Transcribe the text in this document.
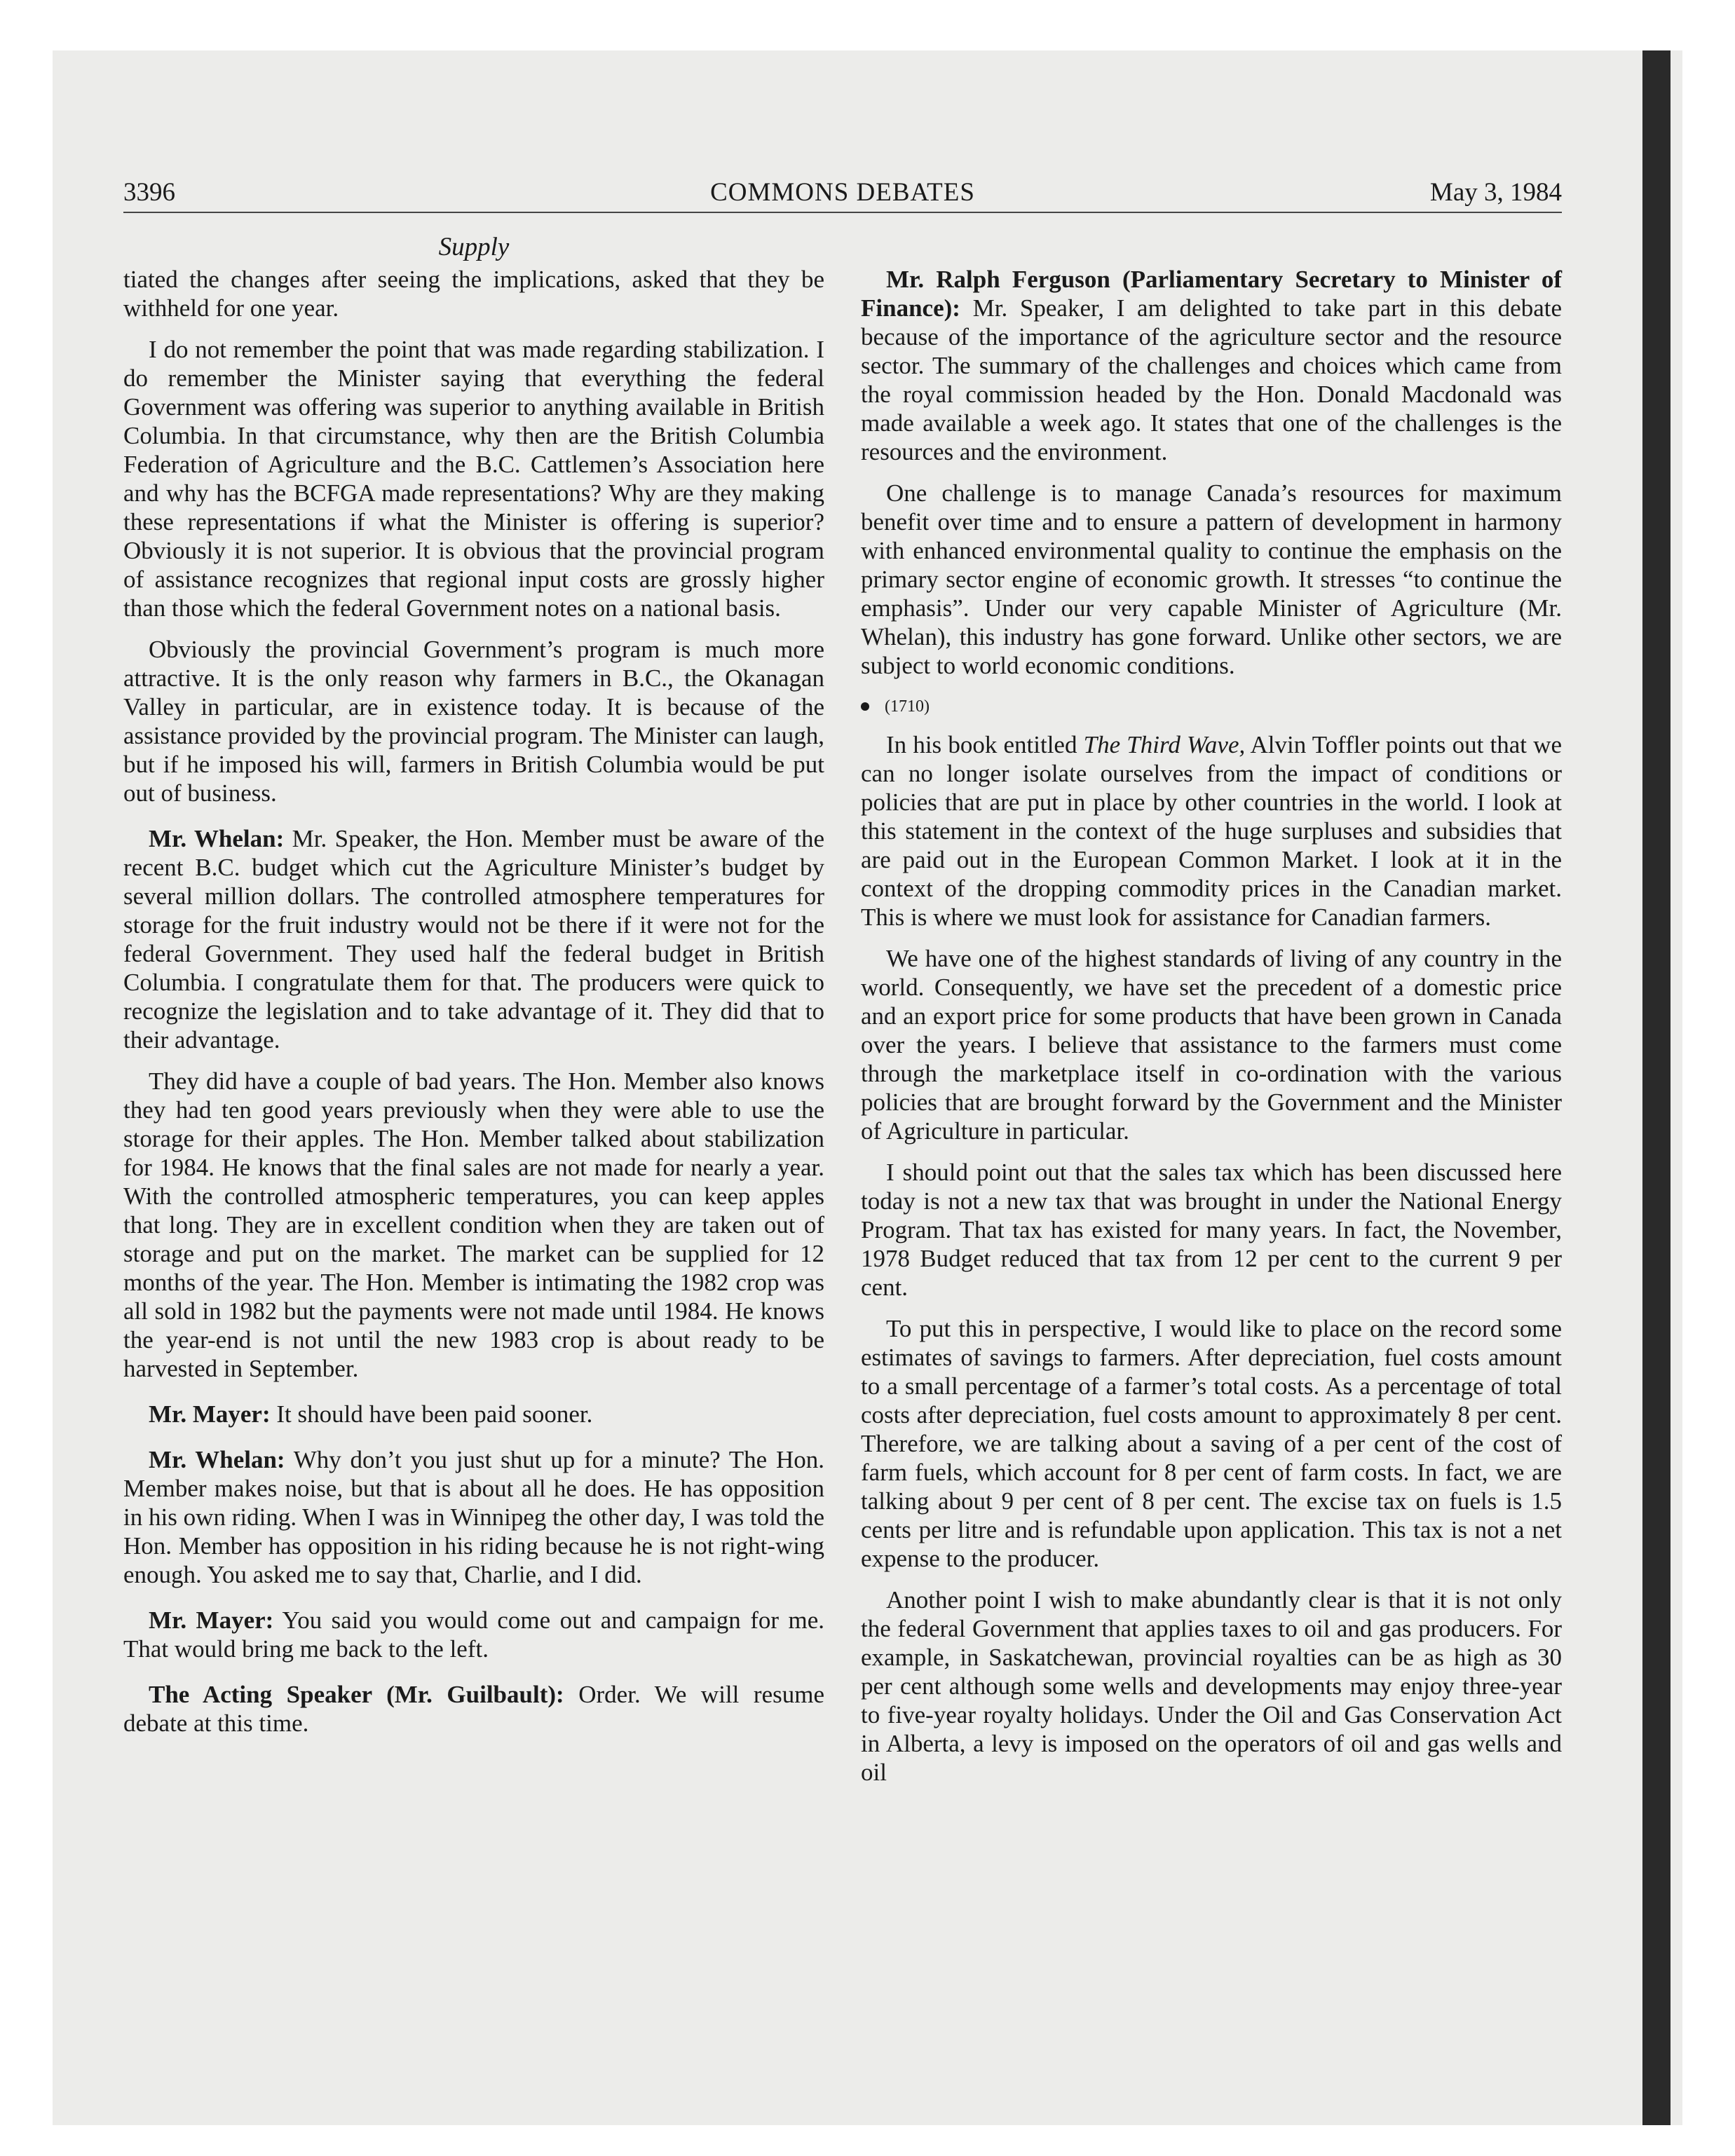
3396	COMMONS DEBATES	May 3, 1984
Supply

tiated the changes after seeing the implications, asked that they be withheld for one year.

I do not remember the point that was made regarding stabilization. I do remember the Minister saying that everything the federal Government was offering was superior to anything available in British Columbia. In that circumstance, why then are the British Columbia Federation of Agriculture and the B.C. Cattlemen’s Association here and why has the BCFGA made representations? Why are they making these representations if what the Minister is offering is superior? Obviously it is not superior. It is obvious that the provincial program of assistance recognizes that regional input costs are grossly higher than those which the federal Government notes on a national basis.

Obviously the provincial Government’s program is much more attractive. It is the only reason why farmers in B.C., the Okanagan Valley in particular, are in existence today. It is because of the assistance provided by the provincial program. The Minister can laugh, but if he imposed his will, farmers in British Columbia would be put out of business.

Mr. Whelan: Mr. Speaker, the Hon. Member must be aware of the recent B.C. budget which cut the Agriculture Minister’s budget by several million dollars. The controlled atmosphere temperatures for storage for the fruit industry would not be there if it were not for the federal Government. They used half the federal budget in British Columbia. I congratulate them for that. The producers were quick to recognize the legislation and to take advantage of it. They did that to their advantage.

They did have a couple of bad years. The Hon. Member also knows they had ten good years previously when they were able to use the storage for their apples. The Hon. Member talked about stabilization for 1984. He knows that the final sales are not made for nearly a year. With the controlled atmospheric temperatures, you can keep apples that long. They are in excellent condition when they are taken out of storage and put on the market. The market can be supplied for 12 months of the year. The Hon. Member is intimating the 1982 crop was all sold in 1982 but the payments were not made until 1984. He knows the year-end is not until the new 1983 crop is about ready to be harvested in September.

Mr. Mayer: It should have been paid sooner.

Mr. Whelan: Why don’t you just shut up for a minute? The Hon. Member makes noise, but that is about all he does. He has opposition in his own riding. When I was in Winnipeg the other day, I was told the Hon. Member has opposition in his riding because he is not right-wing enough. You asked me to say that, Charlie, and I did.

Mr. Mayer: You said you would come out and campaign for me. That would bring me back to the left.

The Acting Speaker (Mr. Guilbault): Order. We will resume debate at this time.

Mr. Ralph Ferguson (Parliamentary Secretary to Minister of Finance): Mr. Speaker, I am delighted to take part in this debate because of the importance of the agriculture sector and the resource sector. The summary of the challenges and choices which came from the royal commission headed by the Hon. Donald Macdonald was made available a week ago. It states that one of the challenges is the resources and the environment.

One challenge is to manage Canada’s resources for maximum benefit over time and to ensure a pattern of development in harmony with enhanced environmental quality to continue the emphasis on the primary sector engine of economic growth. It stresses “to continue the emphasis”. Under our very capable Minister of Agriculture (Mr. Whelan), this industry has gone forward. Unlike other sectors, we are subject to world economic conditions.

(1710)

In his book entitled The Third Wave, Alvin Toffler points out that we can no longer isolate ourselves from the impact of conditions or policies that are put in place by other countries in the world. I look at this statement in the context of the huge surpluses and subsidies that are paid out in the European Common Market. I look at it in the context of the dropping commodity prices in the Canadian market. This is where we must look for assistance for Canadian farmers.

We have one of the highest standards of living of any country in the world. Consequently, we have set the precedent of a domestic price and an export price for some products that have been grown in Canada over the years. I believe that assistance to the farmers must come through the marketplace itself in co-ordination with the various policies that are brought forward by the Government and the Minister of Agriculture in particular.

I should point out that the sales tax which has been discussed here today is not a new tax that was brought in under the National Energy Program. That tax has existed for many years. In fact, the November, 1978 Budget reduced that tax from 12 per cent to the current 9 per cent.

To put this in perspective, I would like to place on the record some estimates of savings to farmers. After depreciation, fuel costs amount to a small percentage of a farmer’s total costs. As a percentage of total costs after depreciation, fuel costs amount to approximately 8 per cent. Therefore, we are talking about a saving of a per cent of the cost of farm fuels, which account for 8 per cent of farm costs. In fact, we are talking about 9 per cent of 8 per cent. The excise tax on fuels is 1.5 cents per litre and is refundable upon application. This tax is not a net expense to the producer.

Another point I wish to make abundantly clear is that it is not only the federal Government that applies taxes to oil and gas producers. For example, in Saskatchewan, provincial royalties can be as high as 30 per cent although some wells and developments may enjoy three-year to five-year royalty holidays. Under the Oil and Gas Conservation Act in Alberta, a levy is imposed on the operators of oil and gas wells and oil
